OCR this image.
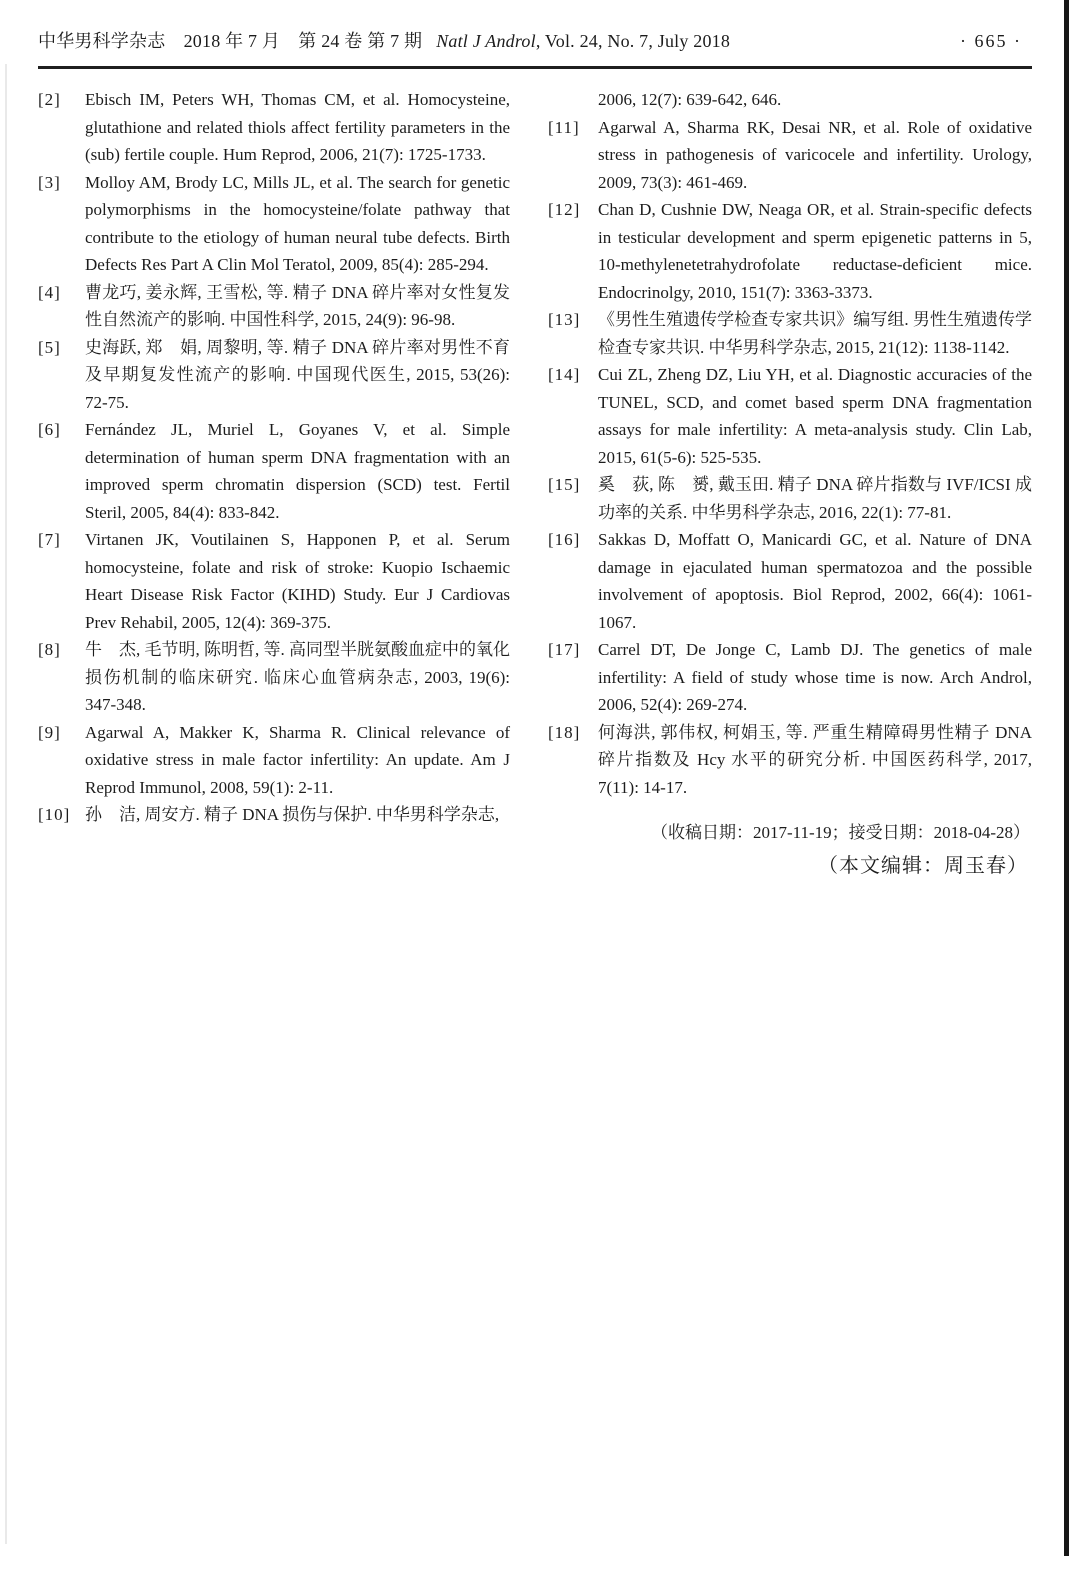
中华男科学杂志　2018 年 7 月　第 24 卷 第 7 期 Natl J Androl, Vol. 24, No. 7, July 2018	· 665 ·
[2] Ebisch IM, Peters WH, Thomas CM, et al. Homocysteine, glutathione and related thiols affect fertility parameters in the (sub) fertile couple. Hum Reprod, 2006, 21(7): 1725-1733.
[3] Molloy AM, Brody LC, Mills JL, et al. The search for genetic polymorphisms in the homocysteine/folate pathway that contribute to the etiology of human neural tube defects. Birth Defects Res Part A Clin Mol Teratol, 2009, 85(4): 285-294.
[4] 曹龙巧, 姜永辉, 王雪松, 等. 精子 DNA 碎片率对女性复发性自然流产的影响. 中国性科学, 2015, 24(9): 96-98.
[5] 史海跃, 郑　娟, 周黎明, 等. 精子 DNA 碎片率对男性不育及早期复发性流产的影响. 中国现代医生, 2015, 53(26): 72-75.
[6] Fernández JL, Muriel L, Goyanes V, et al. Simple determination of human sperm DNA fragmentation with an improved sperm chromatin dispersion (SCD) test. Fertil Steril, 2005, 84(4): 833-842.
[7] Virtanen JK, Voutilainen S, Happonen P, et al. Serum homocysteine, folate and risk of stroke: Kuopio Ischaemic Heart Disease Risk Factor (KIHD) Study. Eur J Cardiovas Prev Rehabil, 2005, 12(4): 369-375.
[8] 牛　杰, 毛节明, 陈明哲, 等. 高同型半胱氨酸血症中的氧化损伤机制的临床研究. 临床心血管病杂志, 2003, 19(6): 347-348.
[9] Agarwal A, Makker K, Sharma R. Clinical relevance of oxidative stress in male factor infertility: An update. Am J Reprod Immunol, 2008, 59(1): 2-11.
[10] 孙　洁, 周安方. 精子 DNA 损伤与保护. 中华男科学杂志,
2006, 12(7): 639-642, 646.
[11] Agarwal A, Sharma RK, Desai NR, et al. Role of oxidative stress in pathogenesis of varicocele and infertility. Urology, 2009, 73(3): 461-469.
[12] Chan D, Cushnie DW, Neaga OR, et al. Strain-specific defects in testicular development and sperm epigenetic patterns in 5, 10-methylenetetrahydrofolate reductase-deficient mice. Endocrinolgy, 2010, 151(7): 3363-3373.
[13] 《男性生殖遗传学检查专家共识》编写组. 男性生殖遗传学检查专家共识. 中华男科学杂志, 2015, 21(12): 1138-1142.
[14] Cui ZL, Zheng DZ, Liu YH, et al. Diagnostic accuracies of the TUNEL, SCD, and comet based sperm DNA fragmentation assays for male infertility: A meta-analysis study. Clin Lab, 2015, 61(5-6): 525-535.
[15] 奚　荻, 陈　赟, 戴玉田. 精子 DNA 碎片指数与 IVF/ICSI 成功率的关系. 中华男科学杂志, 2016, 22(1): 77-81.
[16] Sakkas D, Moffatt O, Manicardi GC, et al. Nature of DNA damage in ejaculated human spermatozoa and the possible involvement of apoptosis. Biol Reprod, 2002, 66(4): 1061-1067.
[17] Carrel DT, De Jonge C, Lamb DJ. The genetics of male infertility: A field of study whose time is now. Arch Androl, 2006, 52(4): 269-274.
[18] 何海洪, 郭伟权, 柯娟玉, 等. 严重生精障碍男性精子 DNA 碎片指数及 Hcy 水平的研究分析. 中国医药科学, 2017, 7(11): 14-17.
（收稿日期：2017-11-19；接受日期：2018-04-28）
（本文编辑：周玉春）
